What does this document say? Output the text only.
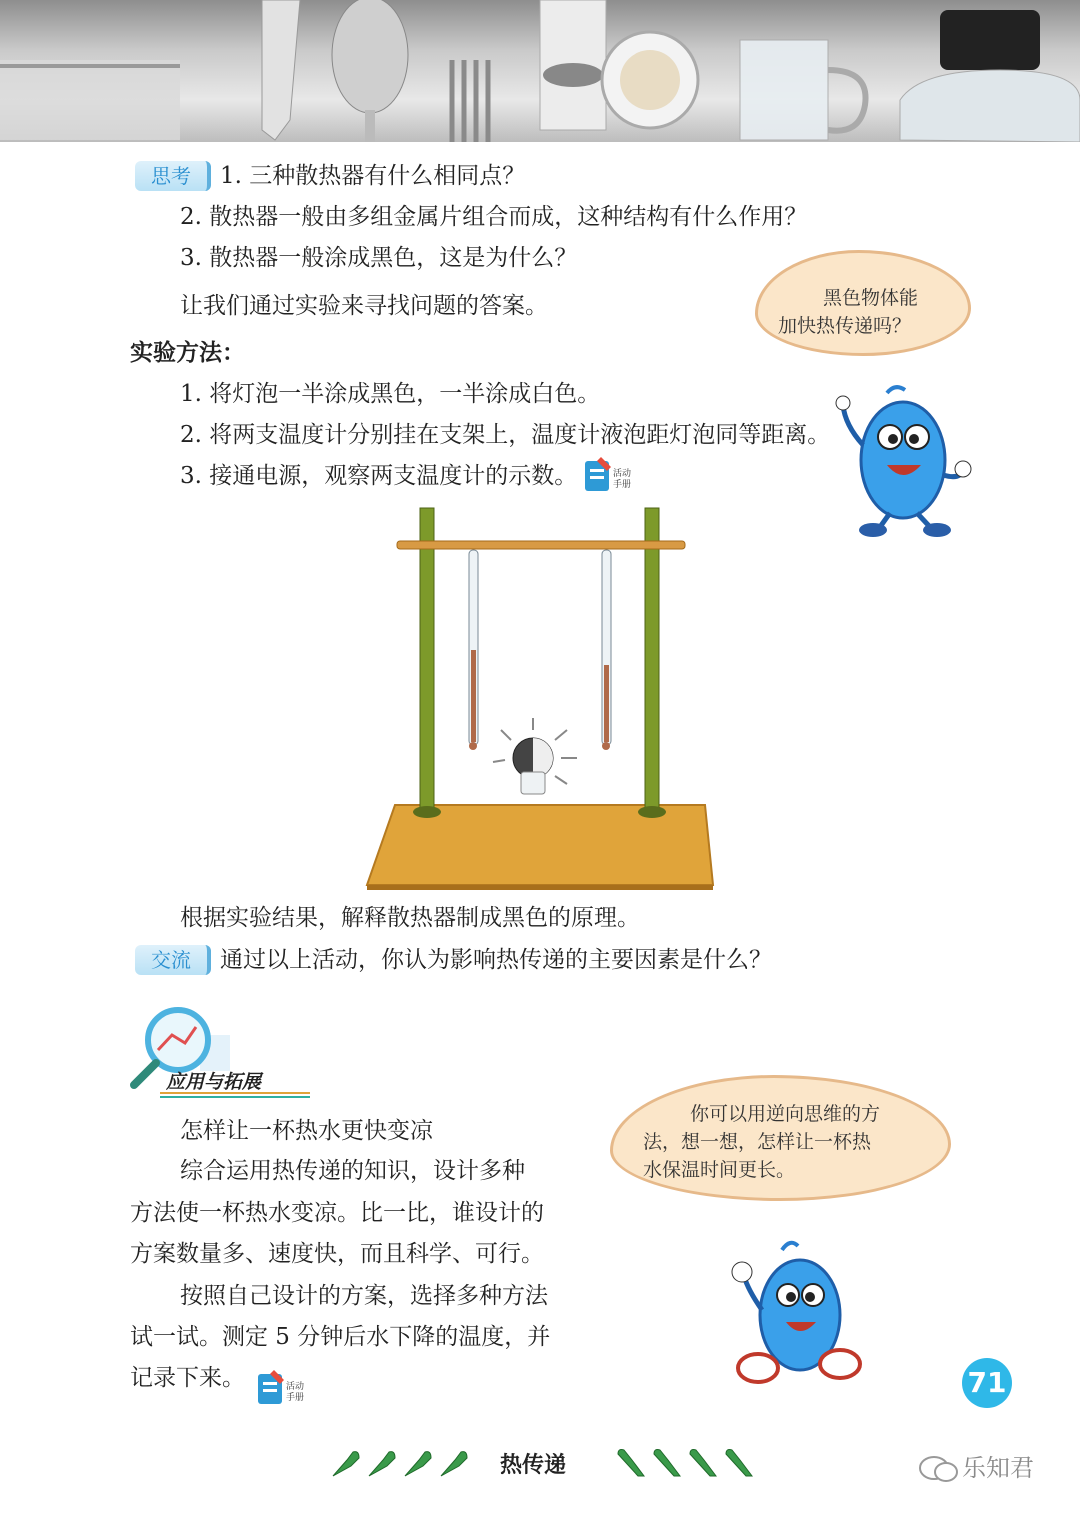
思考	1. 三种散热器有什么相同点？
2. 散热器一般由多组金属片组合而成，这种结构有什么作用？
3. 散热器一般涂成黑色，这是为什么？
让我们通过实验来寻找问题的答案。	黑色物体能
加快热传递吗？
实验方法：
1. 将灯泡一半涂成黑色，一半涂成白色。
2. 将两支温度计分别挂在支架上，温度计液泡距灯泡同等距离。
3. 接通电源，观察两支温度计的示数。	活动
手册
根据实验结果，解释散热器制成黑色的原理。
交流	通过以上活动，你认为影响热传递的主要因素是什么？
应用与拓展
怎样让一杯热水更快变凉
综合运用热传递的知识，设计多种
方法使一杯热水变凉。比一比，谁设计的
方案数量多、速度快，而且科学、可行。
按照自己设计的方案，选择多种方法
试一试。测定 5 分钟后水下降的温度，并
记录下来。	活动
手册
你可以用逆向思维的方
法，想一想，怎样让一杯热
水保温时间更长。
71
热传递	乐知君
